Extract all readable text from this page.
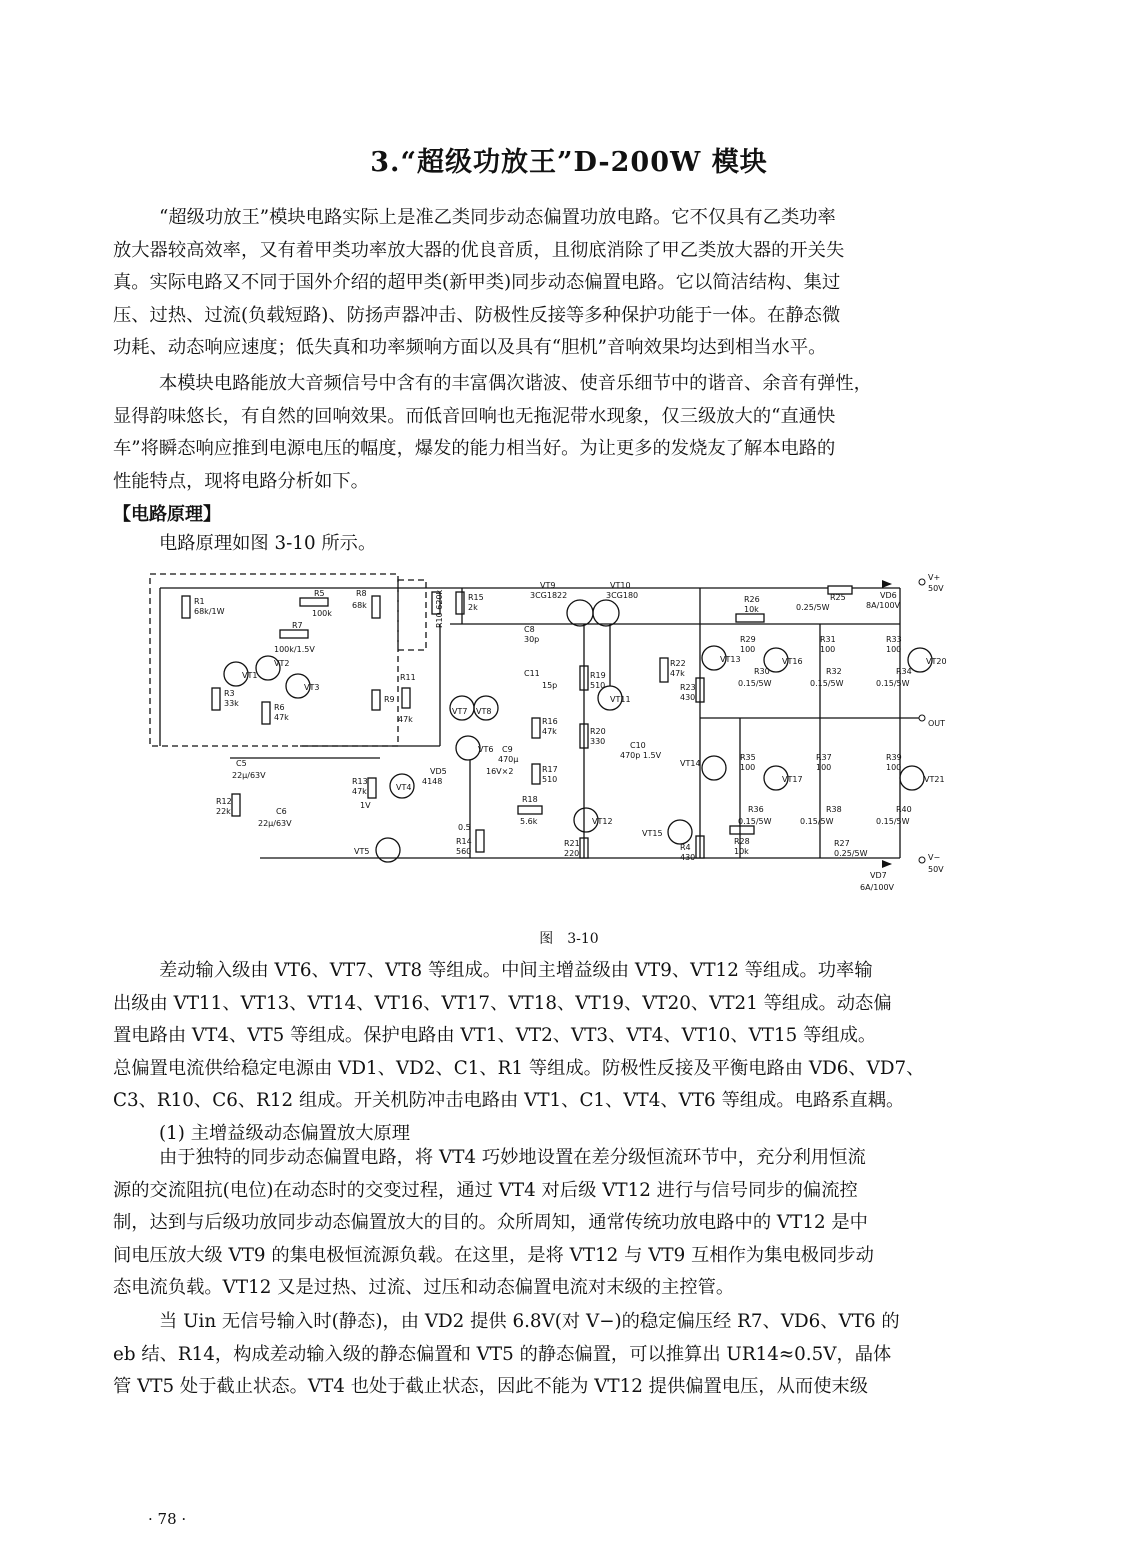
3.“超级功放王”D-200W 模块
“超级功放王”模块电路实际上是准乙类同步动态偏置功放电路。它不仅具有乙类功率
放大器较高效率，又有着甲类功率放大器的优良音质，且彻底消除了甲乙类放大器的开关失
真。实际电路又不同于国外介绍的超甲类(新甲类)同步动态偏置电路。它以简洁结构、集过
压、过热、过流(负载短路)、防扬声器冲击、防极性反接等多种保护功能于一体。在静态微
功耗、动态响应速度；低失真和功率频响方面以及具有“胆机”音响效果均达到相当水平。
本模块电路能放大音频信号中含有的丰富偶次谐波、使音乐细节中的谐音、余音有弹性，
显得韵味悠长，有自然的回响效果。而低音回响也无拖泥带水现象，仅三级放大的“直通快
车”将瞬态响应推到电源电压的幅度，爆发的能力相当好。为让更多的发烧友了解本电路的
性能特点，现将电路分析如下。
【电路原理】
电路原理如图 3-10 所示。
V+
50V
VD6
8A/100V
V−
50V
VD7
6A/100V
OUT
R1
68k/1W
R3
33k	R6
47k
R5
100k
R7
100k/1.5V
R8
68k
R9
R10 620k	R15
2k
R11
47k
VT9
3CG1822
VT10
3CG180
C8
30p
C11
15p
VT7 VT8
VT6
R16
47k
C9
470μ
16V×2	R17
510
R18
5.6k
R19
510
R20
330
VT11
VT12
R21
220
C10
470p 1.5V
R22
47k
R23
430
R4
430
VT13
VT14
VT15
R26
10k
R25
0.25/5W
R29
100
R31
100
R33
100
VT16	VT20
R30
0.15/5W
R32
0.15/5W
R34
0.15/5W
R35
100
R37
100
R39
100
VT17	VT21
R36
0.15/5W
R38
0.15/5W
R40
0.15/5W
R28
10k
R27
0.25/5W
C5
22μ/63V
R12
22k	C6
22μ/63V
R13
47k
1V
VT4
VD5
4148
VT5
R14
560
0.5
VT1
VT2
VT3
图　3-10
差动输入级由 VT6、VT7、VT8 等组成。中间主增益级由 VT9、VT12 等组成。功率输
出级由 VT11、VT13、VT14、VT16、VT17、VT18、VT19、VT20、VT21 等组成。动态偏
置电路由 VT4、VT5 等组成。保护电路由 VT1、VT2、VT3、VT4、VT10、VT15 等组成。
总偏置电流供给稳定电源由 VD1、VD2、C1、R1 等组成。防极性反接及平衡电路由 VD6、VD7、
C3、R10、C6、R12 组成。开关机防冲击电路由 VT1、C1、VT4、VT6 等组成。电路系直耦。
(1) 主增益级动态偏置放大原理
由于独特的同步动态偏置电路，将 VT4 巧妙地设置在差分级恒流环节中，充分利用恒流
源的交流阻抗(电位)在动态时的交变过程，通过 VT4 对后级 VT12 进行与信号同步的偏流控
制，达到与后级功放同步动态偏置放大的目的。众所周知，通常传统功放电路中的 VT12 是中
间电压放大级 VT9 的集电极恒流源负载。在这里，是将 VT12 与 VT9 互相作为集电极同步动
态电流负载。VT12 又是过热、过流、过压和动态偏置电流对末级的主控管。
当 Uin 无信号输入时(静态)，由 VD2 提供 6.8V(对 V−)的稳定偏压经 R7、VD6、VT6 的
eb 结、R14，构成差动输入级的静态偏置和 VT5 的静态偏置，可以推算出 UR14≈0.5V，晶体
管 VT5 处于截止状态。VT4 也处于截止状态，因此不能为 VT12 提供偏置电压，从而使末级
· 78 ·
